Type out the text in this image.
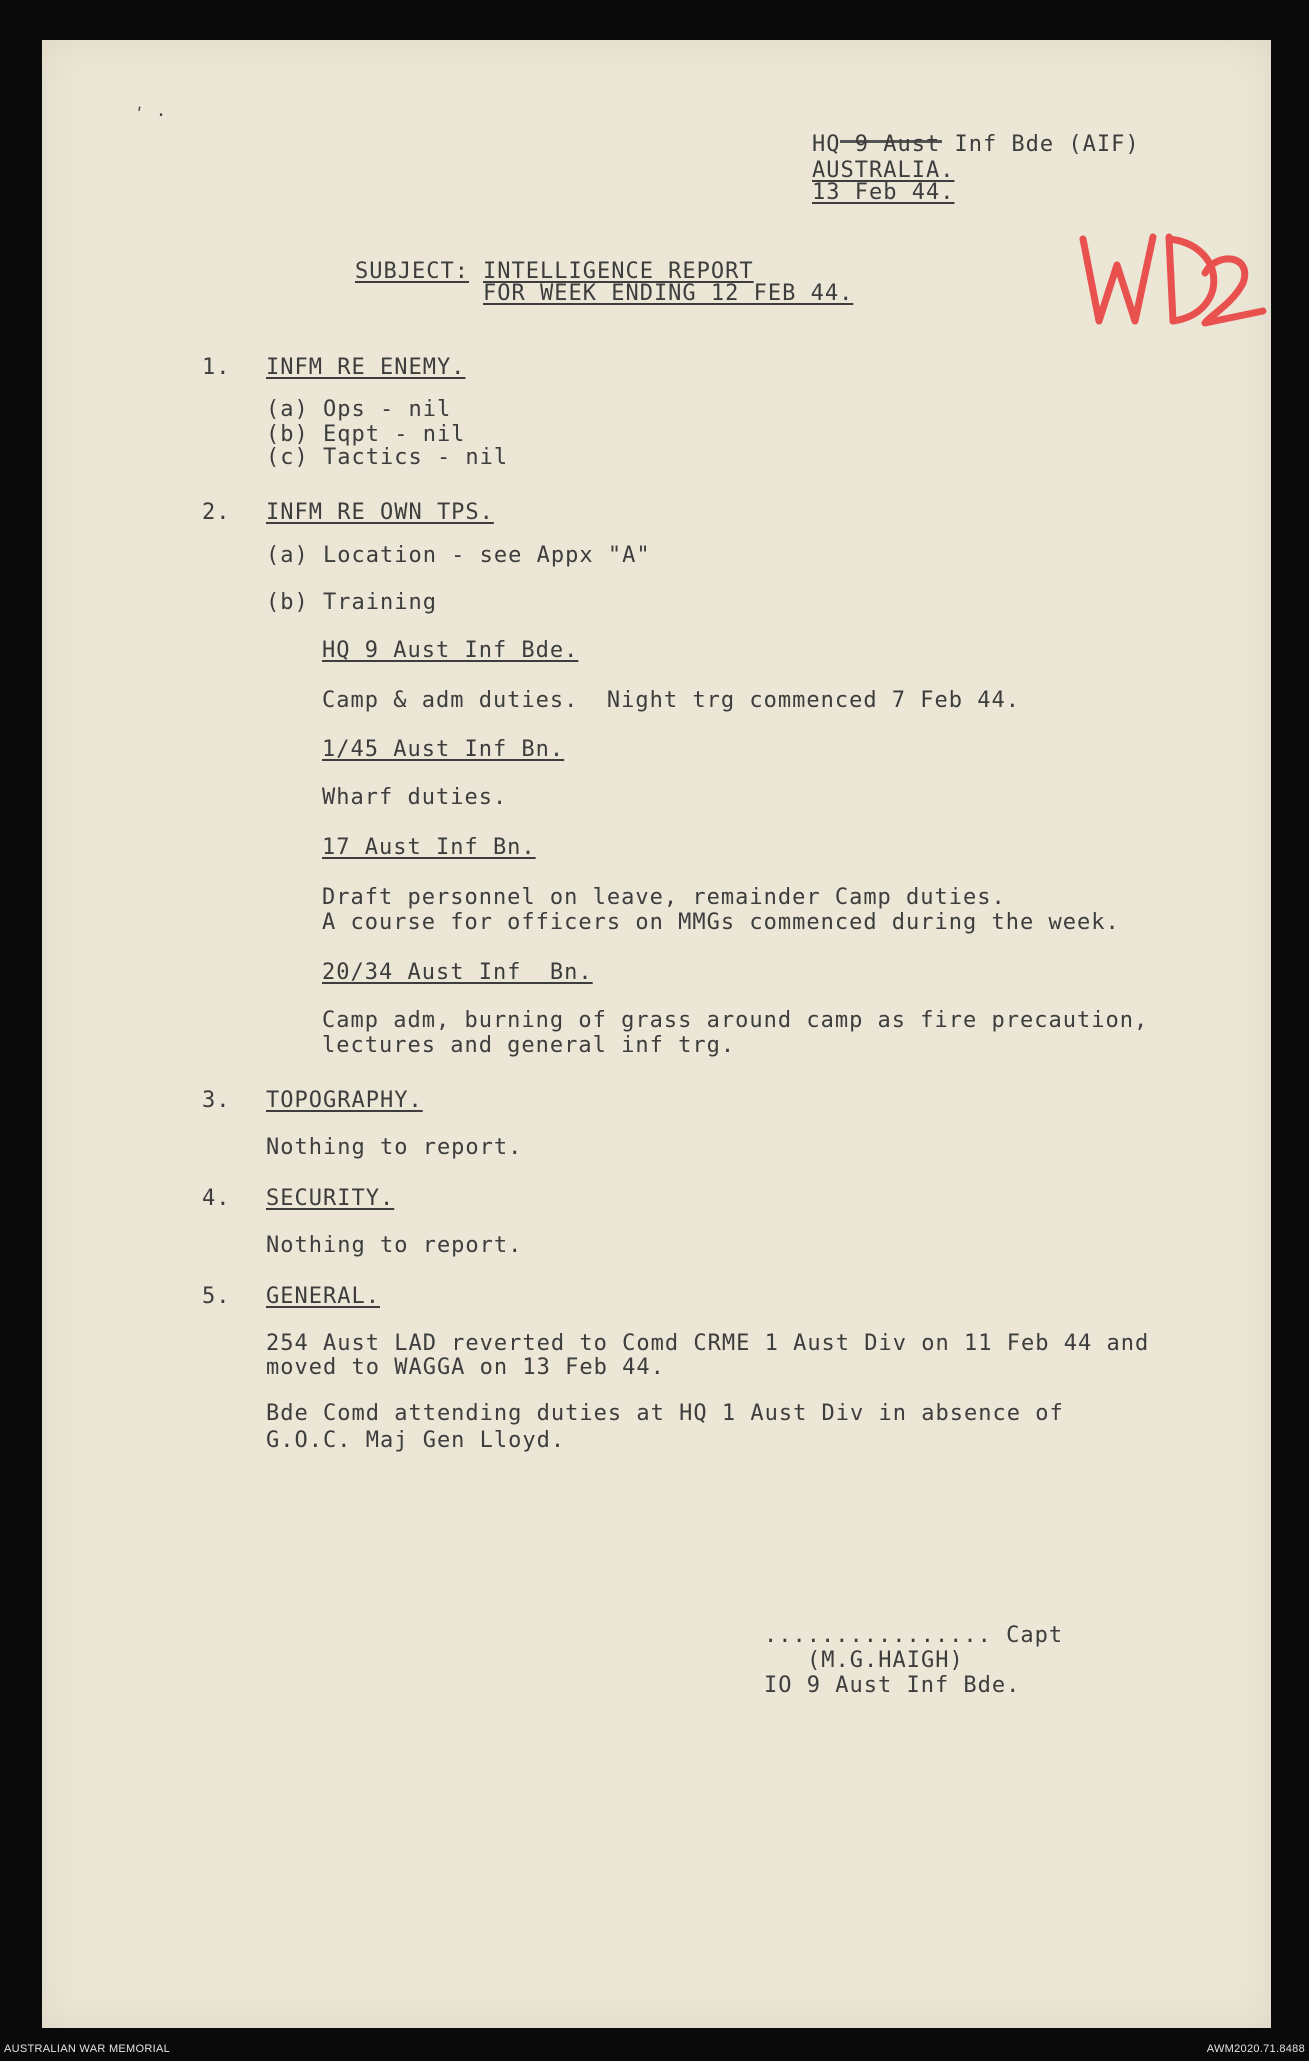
ʹ ·
HQ 9 Aust Inf Bde (AIF)
AUSTRALIA.
13 Feb 44.
SUBJECT: INTELLIGENCE REPORT
FOR WEEK ENDING 12 FEB 44.
1. INFM RE ENEMY.
(a) Ops - nil
(b) Eqpt - nil
(c) Tactics - nil
2. INFM RE OWN TPS.
(a) Location - see Appx "A"
(b) Training
HQ 9 Aust Inf Bde.
Camp & adm duties.  Night trg commenced 7 Feb 44.
1/45 Aust Inf Bn.
Wharf duties.
17 Aust Inf Bn.
Draft personnel on leave, remainder Camp duties.
A course for officers on MMGs commenced during the week.
20/34 Aust Inf  Bn.
Camp adm, burning of grass around camp as fire precaution,
lectures and general inf trg.
3. TOPOGRAPHY.
Nothing to report.
4. SECURITY.
Nothing to report.
5. GENERAL.
254 Aust LAD reverted to Comd CRME 1 Aust Div on 11 Feb 44 and
moved to WAGGA on 13 Feb 44.
Bde Comd attending duties at HQ 1 Aust Div in absence of
G.O.C. Maj Gen Lloyd.
................ Capt
(M.G.HAIGH)
IO 9 Aust Inf Bde.
AUSTRALIAN WAR MEMORIAL	AWM2020.71.8488
